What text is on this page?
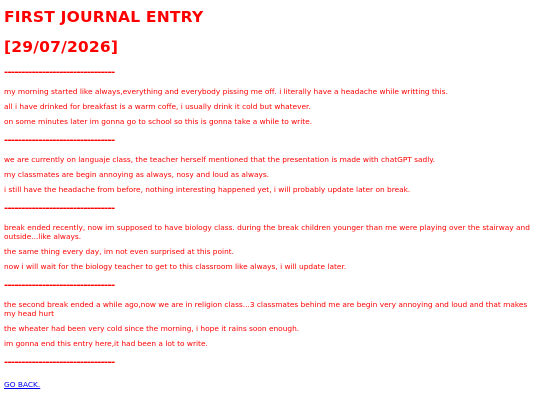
FIRST JOURNAL ENTRY
[29/07/2026]
--------------------------------

my morning started like always,everything and everybody pissing me off. i literally have a headache while writting this.

all i have drinked for breakfast is a warm coffe, i usually drink it cold but whatever.

on some minutes later im gonna go to school so this is gonna take a while to write.

--------------------------------

we are currently on languaje class, the teacher herself mentioned that the presentation is made with chatGPT sadly.

my classmates are begin annoying as always, nosy and loud as always.

i still have the headache from before, nothing interesting happened yet, i will probably update later on break.

--------------------------------

break ended recently, now im supposed to have biology class. during the break children younger than me were playing over the stairway and outside...like always.

the same thing every day, im not even surprised at this point.

now i will wait for the biology teacher to get to this classroom like always, i will update later.

--------------------------------

the second break ended a while ago,now we are in religion class...3 classmates behind me are begin very annoying and loud and that makes my head hurt

the wheater had been very cold since the morning, i hope it rains soon enough.

im gonna end this entry here,it had been a lot to write.

--------------------------------
GO BACK.
